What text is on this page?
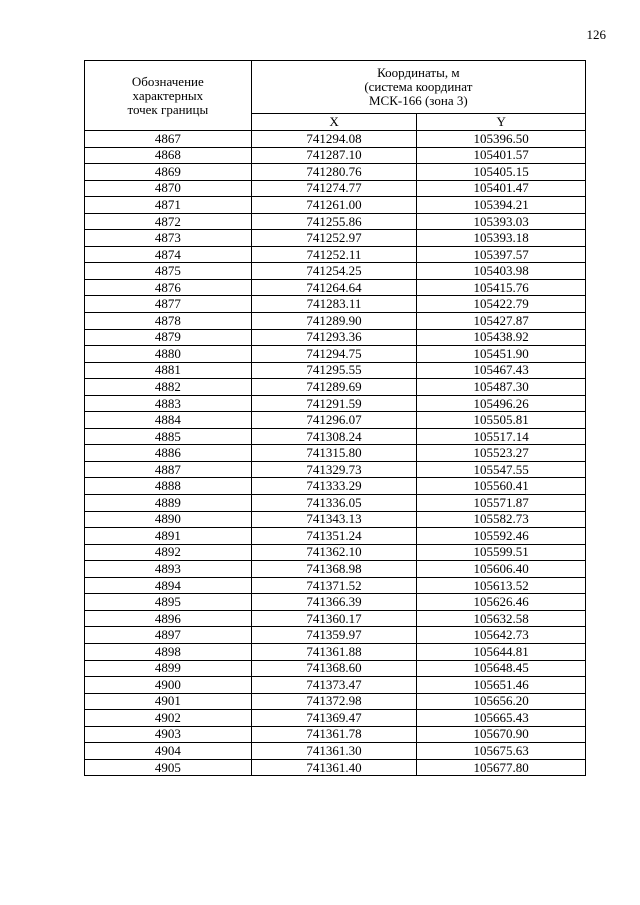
126
Обозначение
характерных
точек границы	Координаты, м
(система координат
МСК-166 (зона 3)	

	X	Y
4867	741294.08	105396.50
4868	741287.10	105401.57
4869	741280.76	105405.15
4870	741274.77	105401.47
4871	741261.00	105394.21
4872	741255.86	105393.03
4873	741252.97	105393.18
4874	741252.11	105397.57
4875	741254.25	105403.98
4876	741264.64	105415.76
4877	741283.11	105422.79
4878	741289.90	105427.87
4879	741293.36	105438.92
4880	741294.75	105451.90
4881	741295.55	105467.43
4882	741289.69	105487.30
4883	741291.59	105496.26
4884	741296.07	105505.81
4885	741308.24	105517.14
4886	741315.80	105523.27
4887	741329.73	105547.55
4888	741333.29	105560.41
4889	741336.05	105571.87
4890	741343.13	105582.73
4891	741351.24	105592.46
4892	741362.10	105599.51
4893	741368.98	105606.40
4894	741371.52	105613.52
4895	741366.39	105626.46
4896	741360.17	105632.58
4897	741359.97	105642.73
4898	741361.88	105644.81
4899	741368.60	105648.45
4900	741373.47	105651.46
4901	741372.98	105656.20
4902	741369.47	105665.43
4903	741361.78	105670.90
4904	741361.30	105675.63
4905	741361.40	105677.80
